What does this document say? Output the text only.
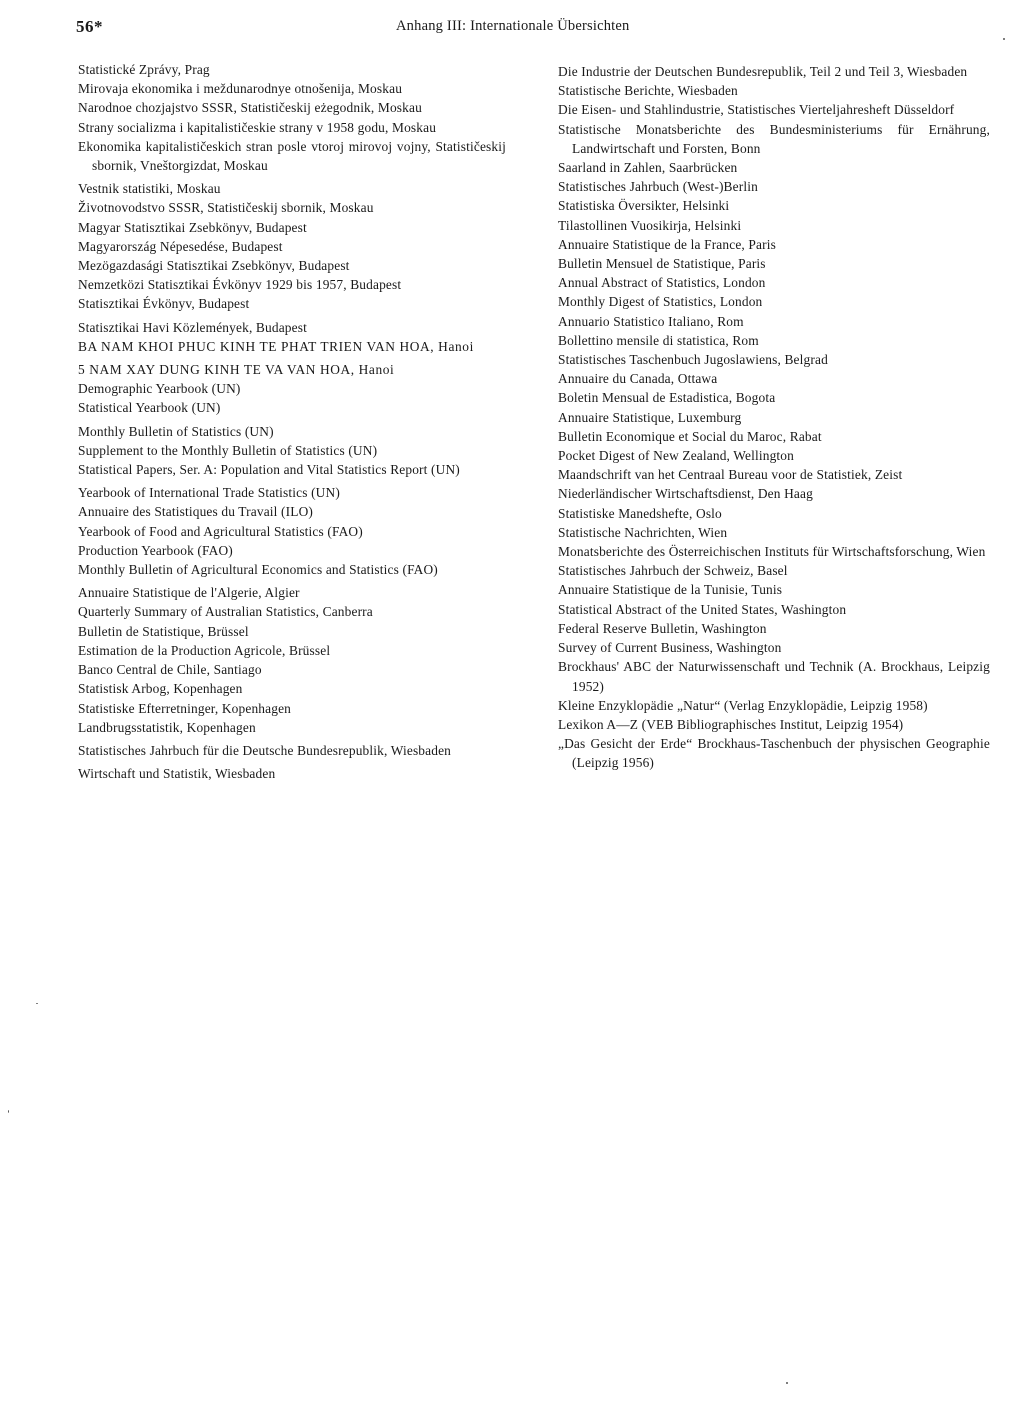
56*	Anhang III: Internationale Übersichten

Statistické Zprávy, Prag

Mirovaja ekonomika i meždunarodnye otnošenija, Moskau

Narodnoe chozjajstvo SSSR, Statističeskij eżegodnik, Moskau

Strany socializma i kapitalističeskie strany v 1958 godu, Moskau

Ekonomika kapitalističeskich stran posle vtoroj mirovoj vojny, Statističeskij sbornik, Vneštorgizdat, Moskau

Vestnik statistiki, Moskau

Životnovodstvo SSSR, Statističeskij sbornik, Moskau

Magyar Statisztikai Zsebkönyv, Budapest

Magyarország Népesedése, Budapest

Mezögazdasági Statisztikai Zsebkönyv, Budapest

Nemzetközi Statisztikai Évkönyv 1929 bis 1957, Budapest

Statisztikai Évkönyv, Budapest

Statisztikai Havi Közlemények, Budapest

BA NAM KHOI PHUC KINH TE PHAT TRIEN VAN HOA, Hanoi

5 NAM XAY DUNG KINH TE VA VAN HOA, Hanoi

Demographic Yearbook (UN)

Statistical Yearbook (UN)

Monthly Bulletin of Statistics (UN)

Supplement to the Monthly Bulletin of Statistics (UN)

Statistical Papers, Ser. A: Population and Vital Statistics Report (UN)

Yearbook of International Trade Statistics (UN)

Annuaire des Statistiques du Travail (ILO)

Yearbook of Food and Agricultural Statistics (FAO)

Production Yearbook (FAO)

Monthly Bulletin of Agricultural Economics and Statistics (FAO)

Annuaire Statistique de l'Algerie, Algier

Quarterly Summary of Australian Statistics, Canberra

Bulletin de Statistique, Brüssel

Estimation de la Production Agricole, Brüssel

Banco Central de Chile, Santiago

Statistisk Arbog, Kopenhagen

Statistiske Efterretninger, Kopenhagen

Landbrugsstatistik, Kopenhagen

Statistisches Jahrbuch für die Deutsche Bundesrepublik, Wiesbaden

Wirtschaft und Statistik, Wiesbaden

Die Industrie der Deutschen Bundesrepublik, Teil 2 und Teil 3, Wiesbaden

Statistische Berichte, Wiesbaden

Die Eisen- und Stahlindustrie, Statistisches Vierteljahresheft Düsseldorf

Statistische Monatsberichte des Bundesministeriums für Ernährung, Landwirtschaft und Forsten, Bonn

Saarland in Zahlen, Saarbrücken

Statistisches Jahrbuch (West-)Berlin

Statistiska Översikter, Helsinki

Tilastollinen Vuosikirja, Helsinki

Annuaire Statistique de la France, Paris

Bulletin Mensuel de Statistique, Paris

Annual Abstract of Statistics, London

Monthly Digest of Statistics, London

Annuario Statistico Italiano, Rom

Bollettino mensile di statistica, Rom

Statistisches Taschenbuch Jugoslawiens, Belgrad

Annuaire du Canada, Ottawa

Boletin Mensual de Estadistica, Bogota

Annuaire Statistique, Luxemburg

Bulletin Economique et Social du Maroc, Rabat

Pocket Digest of New Zealand, Wellington

Maandschrift van het Centraal Bureau voor de Statistiek, Zeist

Niederländischer Wirtschaftsdienst, Den Haag

Statistiske Manedshefte, Oslo

Statistische Nachrichten, Wien

Monatsberichte des Österreichischen Instituts für Wirtschaftsforschung, Wien

Statistisches Jahrbuch der Schweiz, Basel

Annuaire Statistique de la Tunisie, Tunis

Statistical Abstract of the United States, Washington

Federal Reserve Bulletin, Washington

Survey of Current Business, Washington

Brockhaus' ABC der Naturwissenschaft und Technik (A. Brockhaus, Leipzig 1952)

Kleine Enzyklopädie „Natur“ (Verlag Enzyklopädie, Leipzig 1958)

Lexikon A—Z (VEB Bibliographisches Institut, Leipzig 1954)

„Das Gesicht der Erde“ Brockhaus-Taschenbuch der physischen Geographie (Leipzig 1956)
